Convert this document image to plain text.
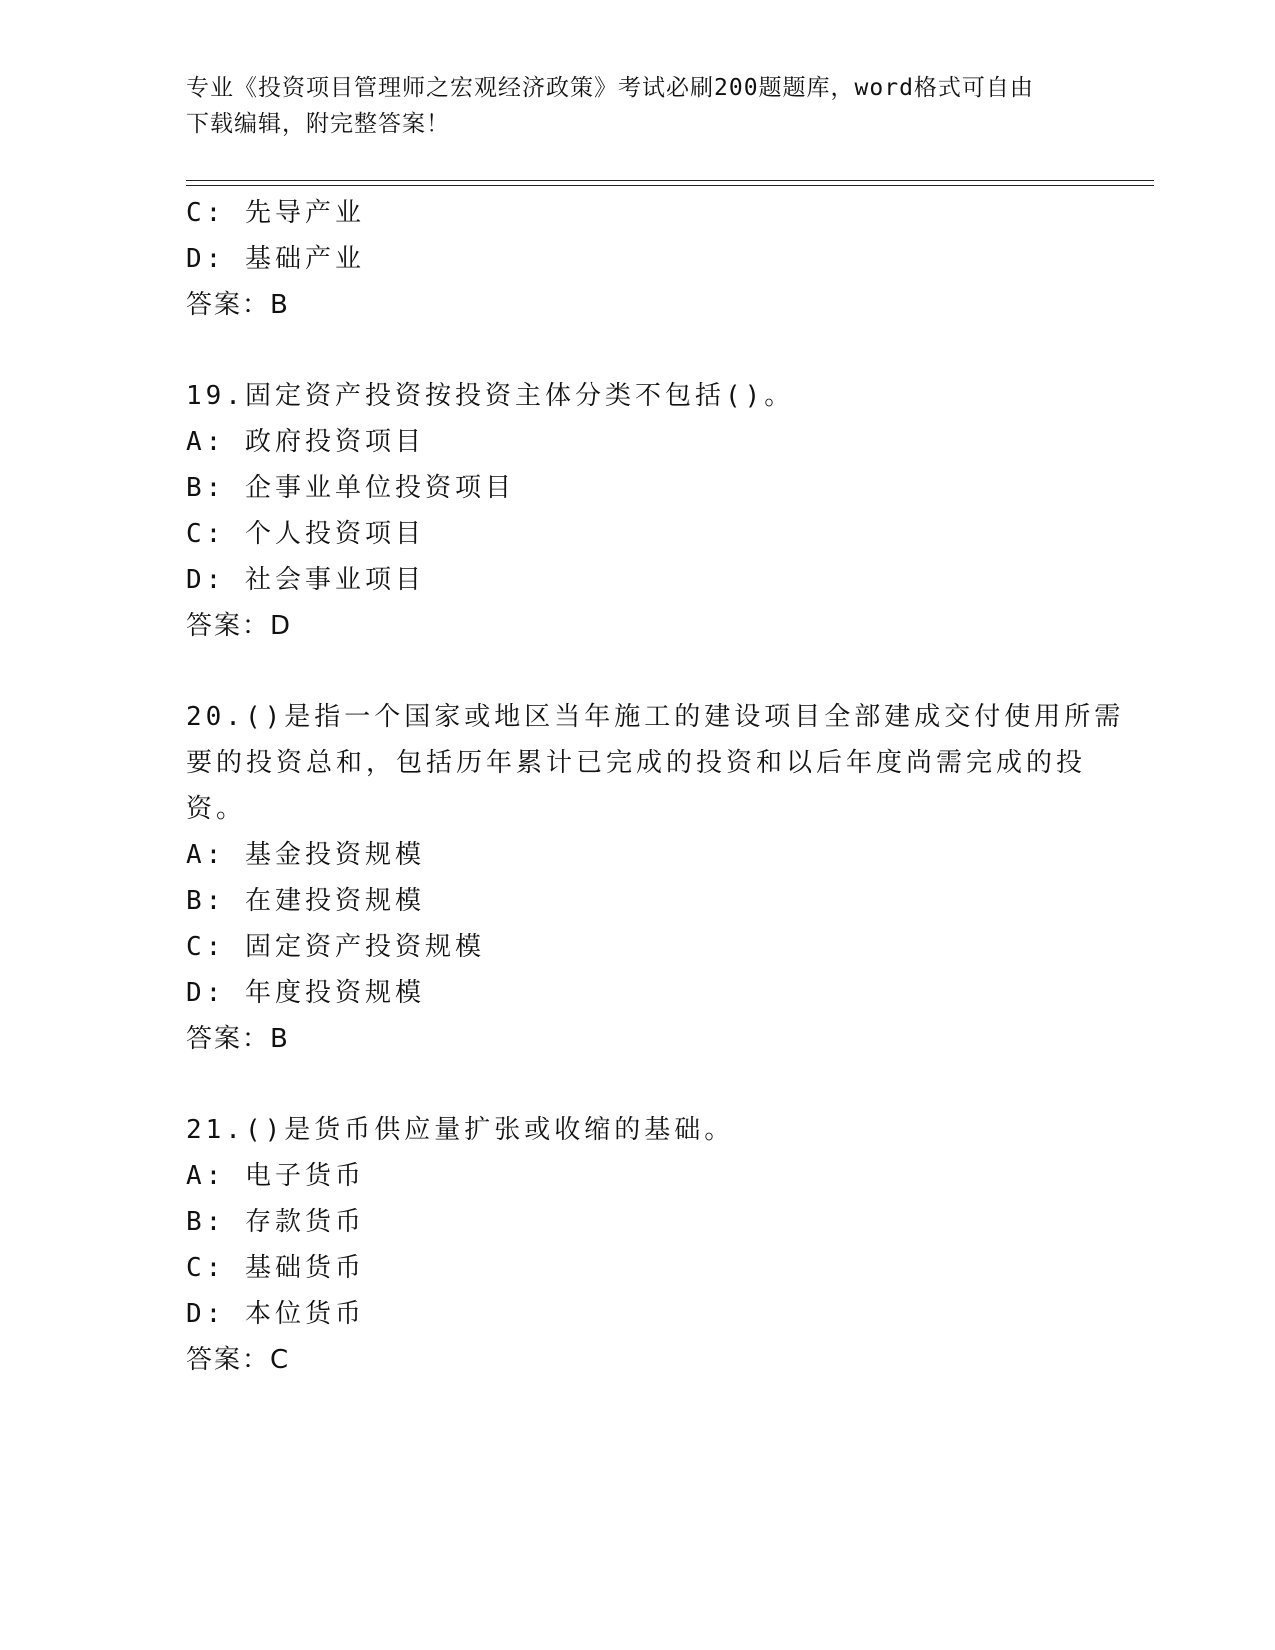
专业《投资项目管理师之宏观经济政策》考试必刷200题题库，word格式可自由
下载编辑，附完整答案！
C: 先导产业
D: 基础产业
答案：B
19.固定资产投资按投资主体分类不包括()。
A: 政府投资项目
B: 企事业单位投资项目
C: 个人投资项目
D: 社会事业项目
答案：D
20.()是指一个国家或地区当年施工的建设项目全部建成交付使用所需
要的投资总和，包括历年累计已完成的投资和以后年度尚需完成的投
资。
A: 基金投资规模
B: 在建投资规模
C: 固定资产投资规模
D: 年度投资规模
答案：B
21.()是货币供应量扩张或收缩的基础。
A: 电子货币
B: 存款货币
C: 基础货币
D: 本位货币
答案：C
